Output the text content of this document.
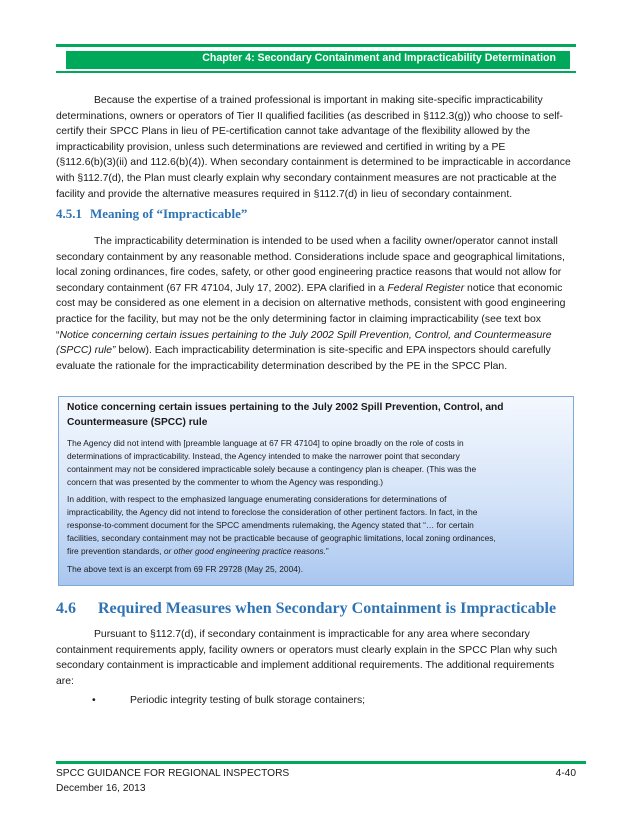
Chapter 4: Secondary Containment and Impracticability Determination
Because the expertise of a trained professional is important in making site-specific impracticability
determinations, owners or operators of Tier II qualified facilities (as described in §112.3(g)) who choose to self-
certify their SPCC Plans in lieu of PE-certification cannot take advantage of the flexibility allowed by the
impracticability provision, unless such determinations are reviewed and certified in writing by a PE
(§112.6(b)(3)(ii) and 112.6(b)(4)). When secondary containment is determined to be impracticable in accordance
with §112.7(d), the Plan must clearly explain why secondary containment measures are not practicable at the
facility and provide the alternative measures required in §112.7(d) in lieu of secondary containment.
4.5.1 Meaning of “Impracticable”
The impracticability determination is intended to be used when a facility owner/operator cannot install
secondary containment by any reasonable method. Considerations include space and geographical limitations,
local zoning ordinances, fire codes, safety, or other good engineering practice reasons that would not allow for
secondary containment (67 FR 47104, July 17, 2002). EPA clarified in a Federal Register notice that economic
cost may be considered as one element in a decision on alternative methods, consistent with good engineering
practice for the facility, but may not be the only determining factor in claiming impracticability (see text box
“Notice concerning certain issues pertaining to the July 2002 Spill Prevention, Control, and Countermeasure
(SPCC) rule” below). Each impracticability determination is site-specific and EPA inspectors should carefully
evaluate the rationale for the impracticability determination described by the PE in the SPCC Plan.
Notice concerning certain issues pertaining to the July 2002 Spill Prevention, Control, and
Countermeasure (SPCC) rule
The Agency did not intend with [preamble language at 67 FR 47104] to opine broadly on the role of costs in
determinations of impracticability. Instead, the Agency intended to make the narrower point that secondary
containment may not be considered impracticable solely because a contingency plan is cheaper. (This was the
concern that was presented by the commenter to whom the Agency was responding.)
In addition, with respect to the emphasized language enumerating considerations for determinations of
impracticability, the Agency did not intend to foreclose the consideration of other pertinent factors. In fact, in the
response-to-comment document for the SPCC amendments rulemaking, the Agency stated that “… for certain
facilities, secondary containment may not be practicable because of geographic limitations, local zoning ordinances,
fire prevention standards, or other good engineering practice reasons.”
The above text is an excerpt from 69 FR 29728 (May 25, 2004).
4.6 Required Measures when Secondary Containment is Impracticable
Pursuant to §112.7(d), if secondary containment is impracticable for any area where secondary
containment requirements apply, facility owners or operators must clearly explain in the SPCC Plan why such
secondary containment is impracticable and implement additional requirements. The additional requirements
are:
•	Periodic integrity testing of bulk storage containers;
SPCC GUIDANCE FOR REGIONAL INSPECTORS	4-40
December 16, 2013
